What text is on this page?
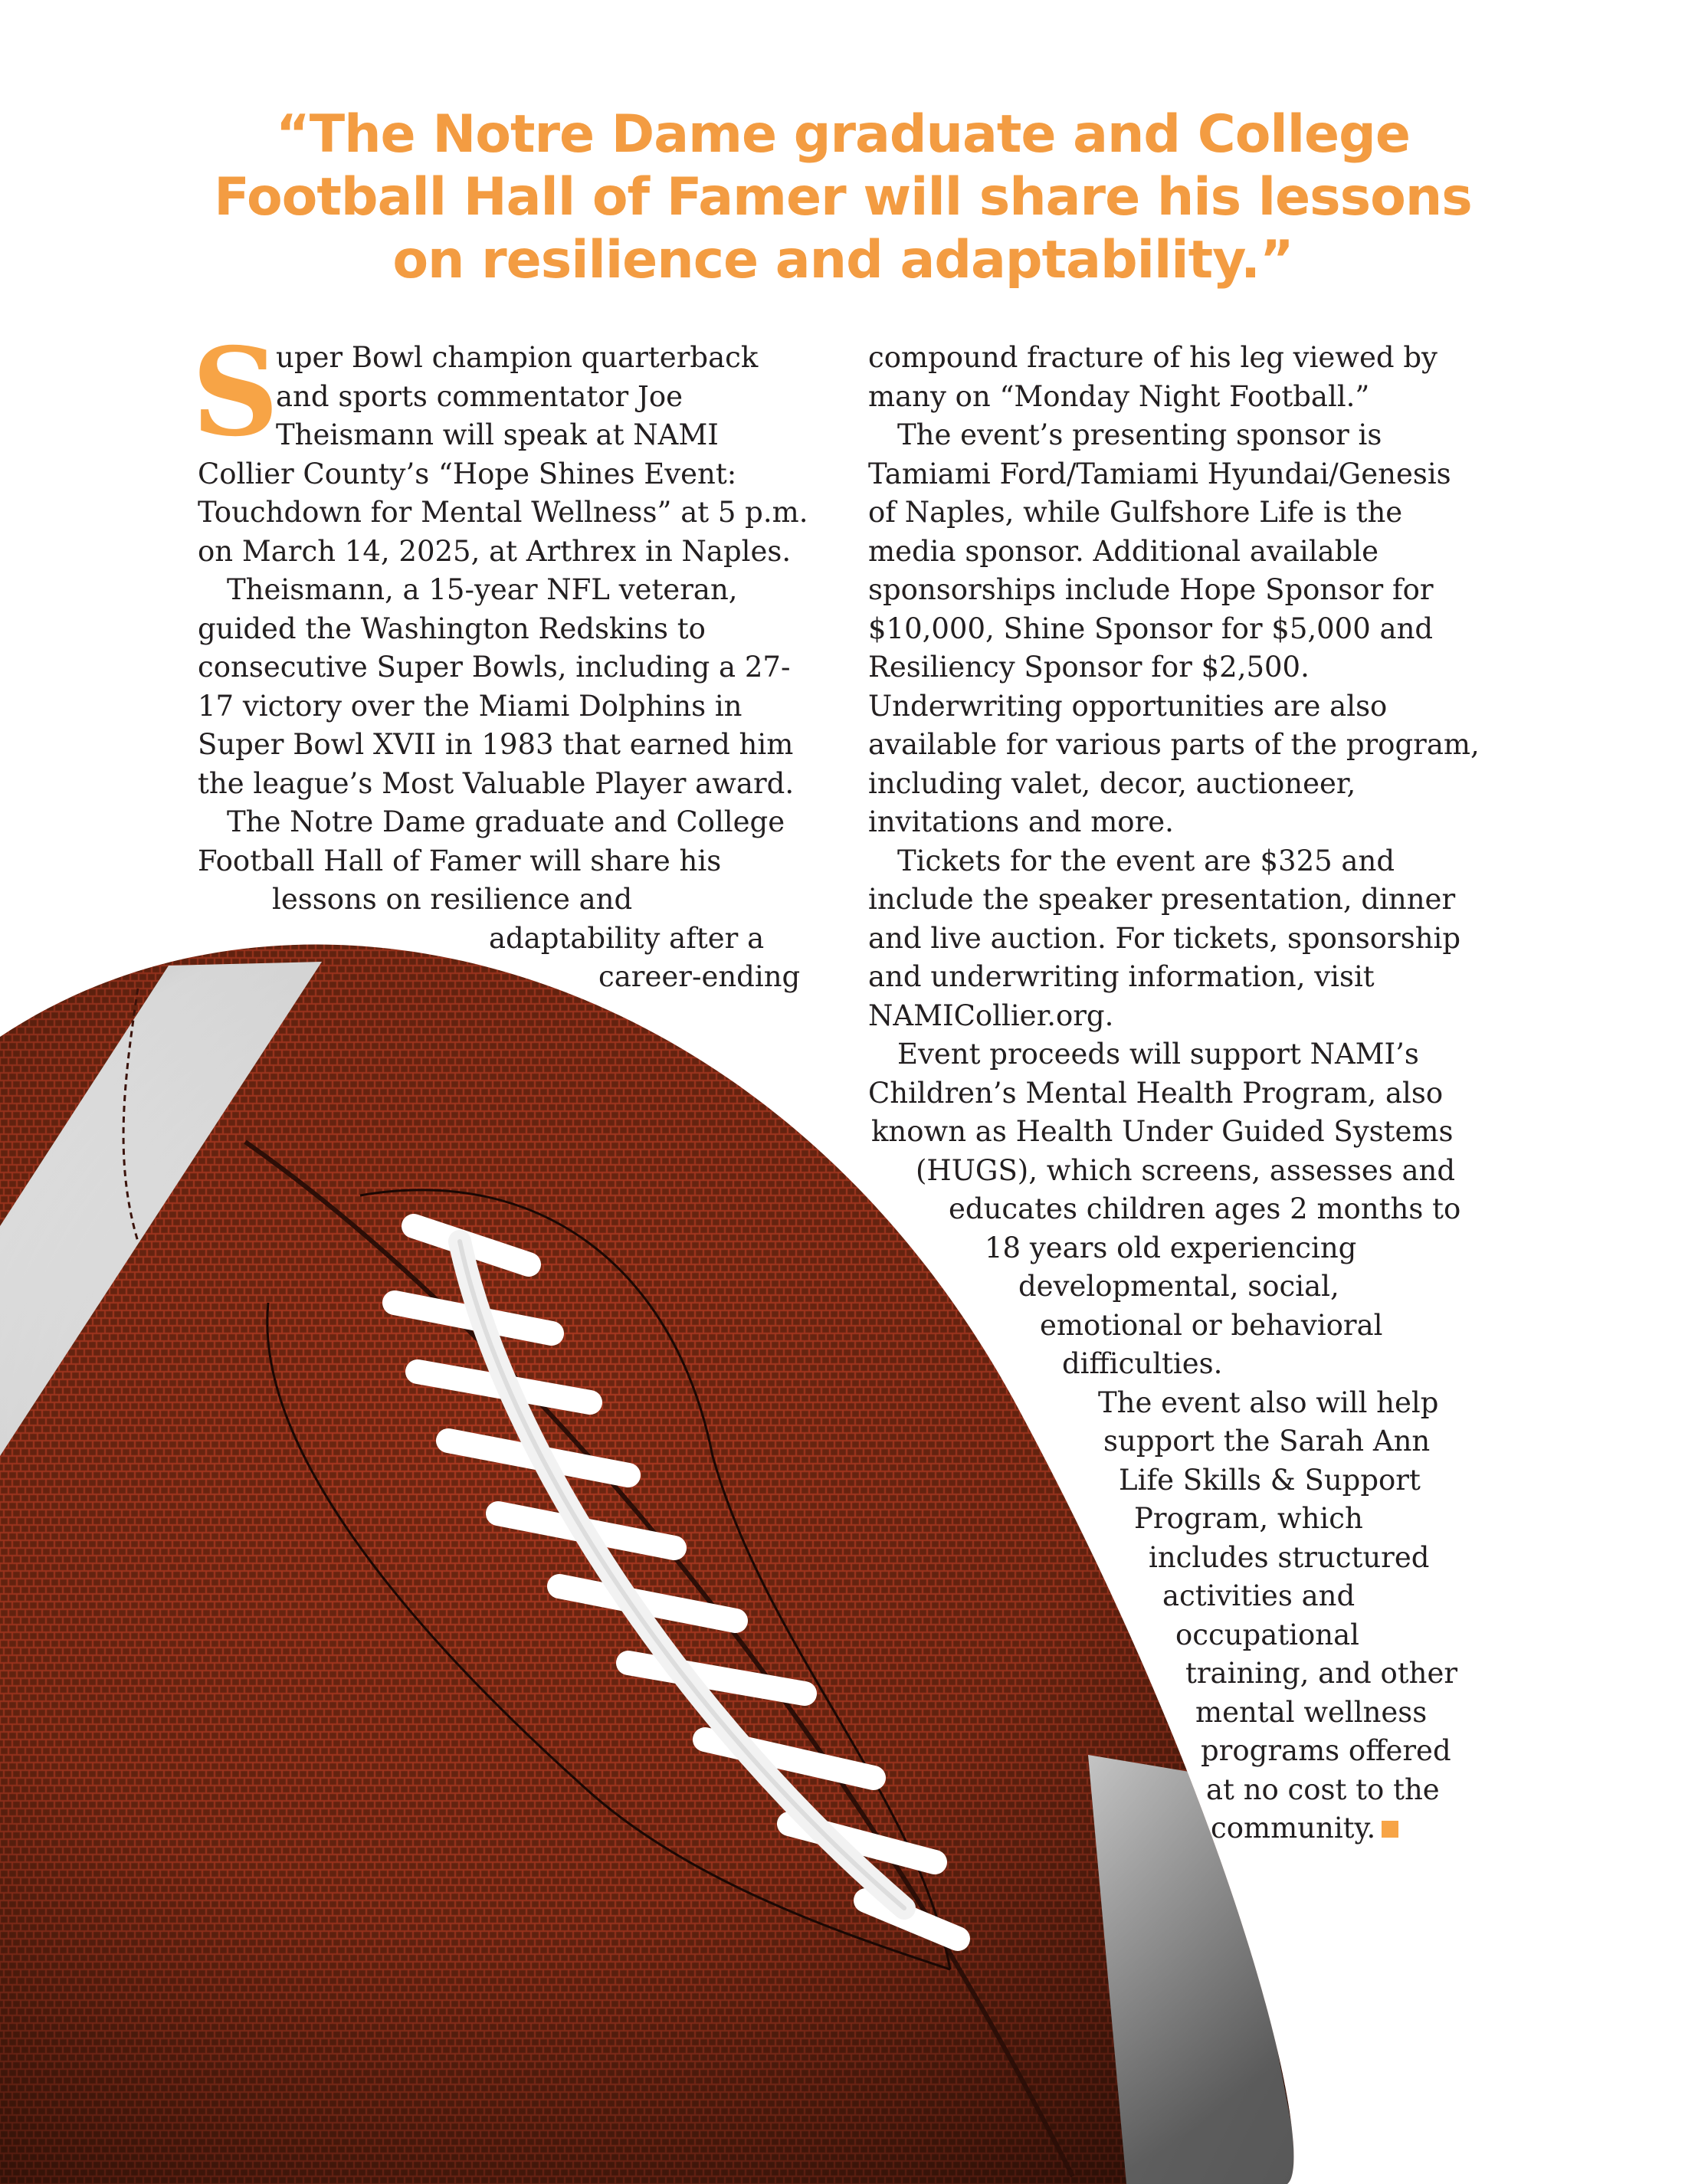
“The Notre Dame graduate and College
Football Hall of Famer will share his lessons
on resilience and adaptability.”
S
uper Bowl champion quarterback
and sports commentator Joe
Theismann will speak at NAMI
Collier County’s “Hope Shines Event:
Touchdown for Mental Wellness” at 5 p.m.
on March 14, 2025, at Arthrex in Naples.
Theismann, a 15-year NFL veteran,
guided the Washington Redskins to
consecutive Super Bowls, including a 27-
17 victory over the Miami Dolphins in
Super Bowl XVII in 1983 that earned him
the league’s Most Valuable Player award.
The Notre Dame graduate and College
Football Hall of Famer will share his
lessons on resilience and
adaptability after a
career-ending
compound fracture of his leg viewed by
many on “Monday Night Football.”
The event’s presenting sponsor is
Tamiami Ford/Tamiami Hyundai/Genesis
of Naples, while Gulfshore Life is the
media sponsor. Additional available
sponsorships include Hope Sponsor for
$10,000, Shine Sponsor for $5,000 and
Resiliency Sponsor for $2,500.
Underwriting opportunities are also
available for various parts of the program,
including valet, decor, auctioneer,
invitations and more.
Tickets for the event are $325 and
include the speaker presentation, dinner
and live auction. For tickets, sponsorship
and underwriting information, visit
NAMICollier.org.
Event proceeds will support NAMI’s
Children’s Mental Health Program, also
known as Health Under Guided Systems
(HUGS), which screens, assesses and
educates children ages 2 months to
18 years old experiencing
developmental, social,
emotional or behavioral
difficulties.
The event also will help
support the Sarah Ann
Life Skills & Support
Program, which
includes structured
activities and
occupational
training, and other
mental wellness
programs offered
at no cost to the
community.
